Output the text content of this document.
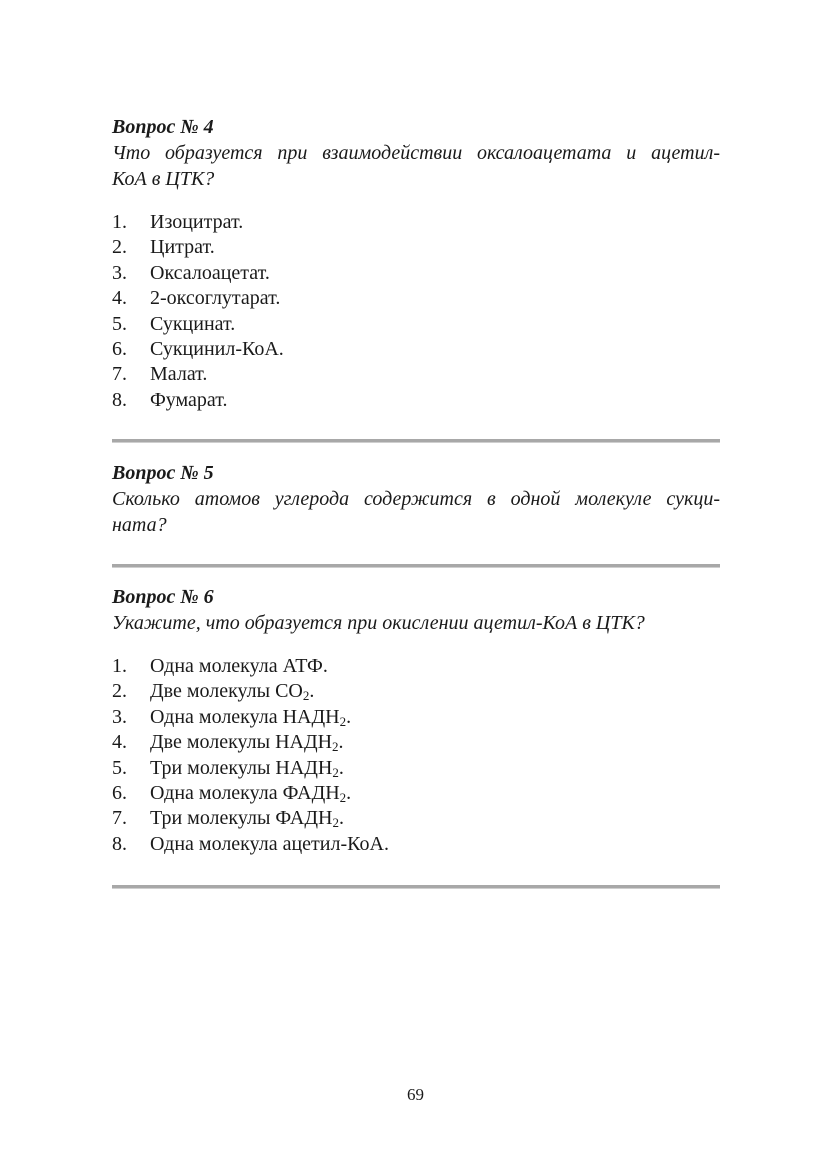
Вопрос № 4

Что образуется при взаимодействии оксалоацетата и ацетил-
КоА в ЦТК?

1.	Изоцитрат.
2.	Цитрат.
3.	Оксалоацетат.
4.	2-оксоглутарат.
5.	Сукцинат.
6.	Сукцинил-КоА.
7.	Малат.
8.	Фумарат.

Вопрос № 5

Сколько атомов углерода содержится в одной молекуле сукци-
ната?

Вопрос № 6

Укажите, что образуется при окислении ацетил-КоА в ЦТК?

1.	Одна молекула АТФ.
2.	Две молекулы $CO_2$.
3.	Одна молекула $НАДН_2$.
4.	Две молекулы $НАДН_2$.
5.	Три молекулы $НАДН_2$.
6.	Одна молекула $ФАДН_2$.
7.	Три молекулы $ФАДН_2$.
8.	Одна молекула ацетил-КоА.
69
